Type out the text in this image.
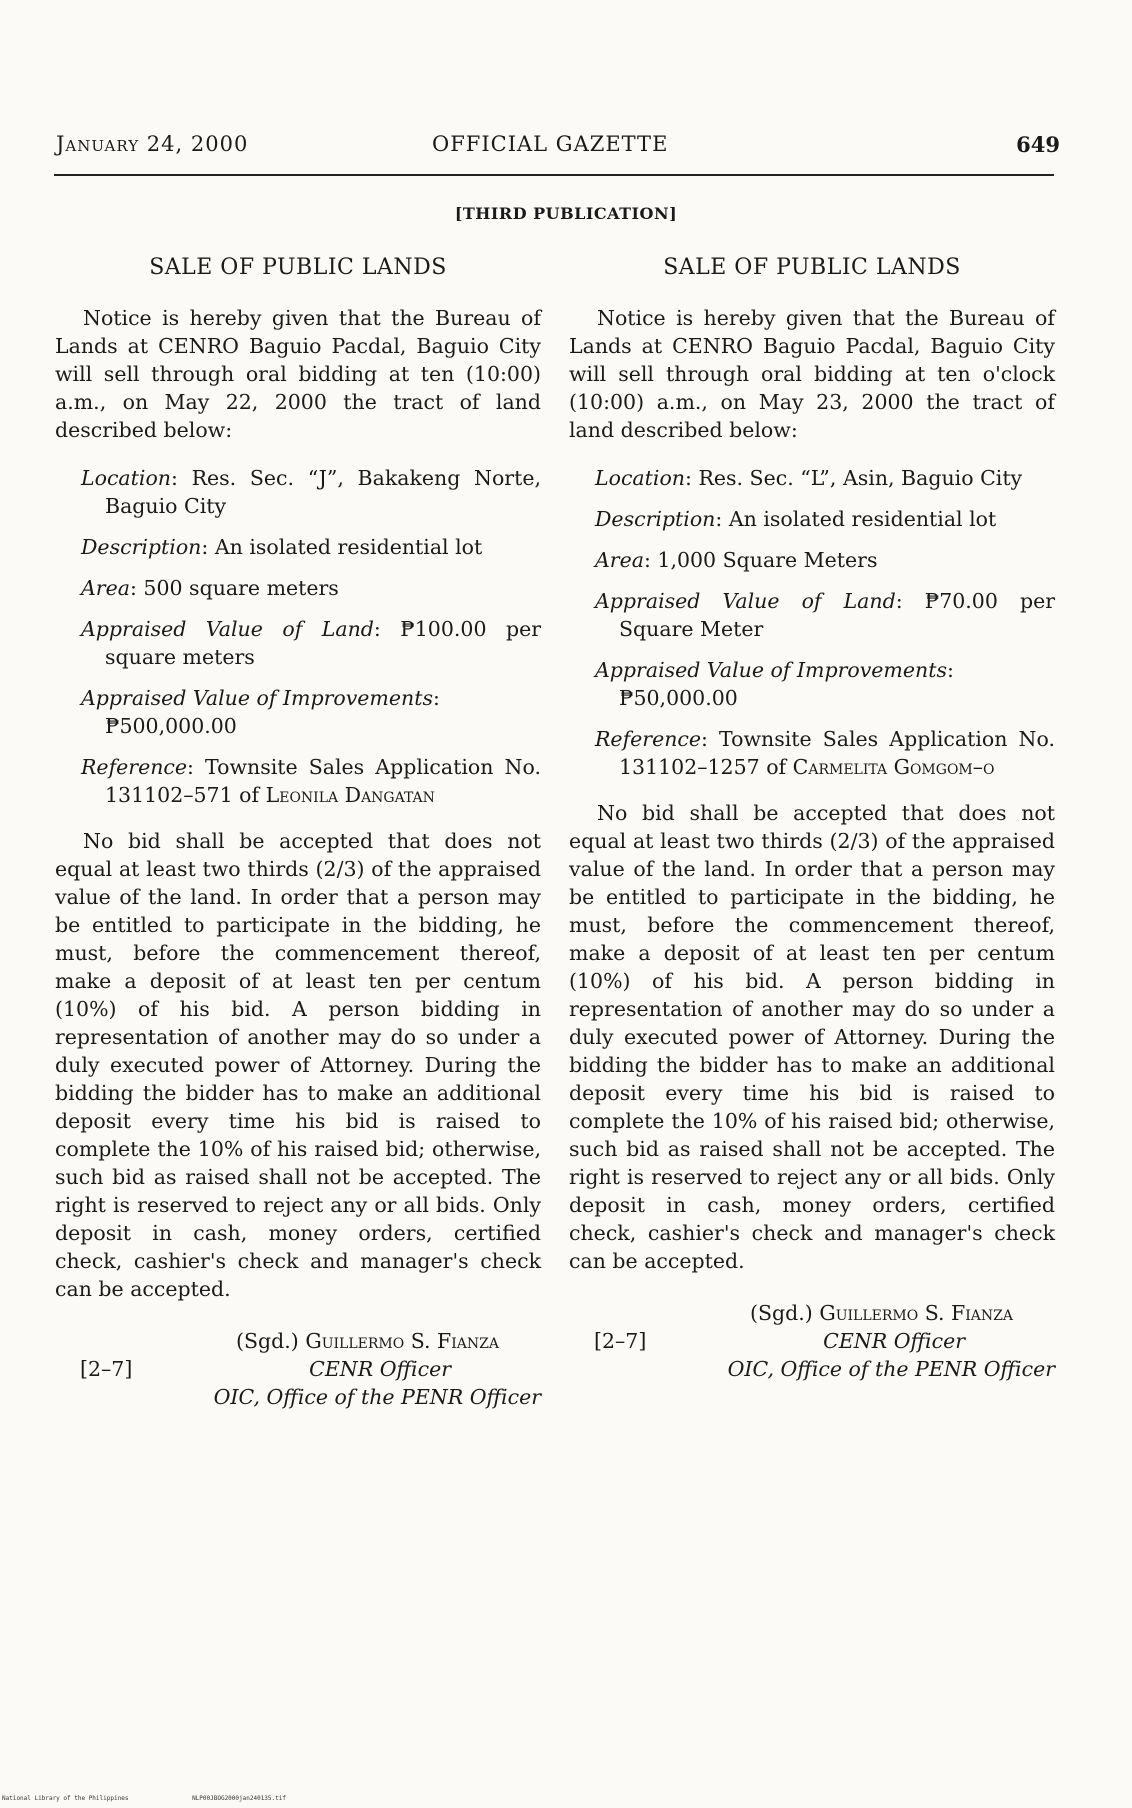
January 24, 2000	OFFICIAL GAZETTE	649
[THIRD PUBLICATION]
SALE OF PUBLIC LANDS

Notice is hereby given that the Bureau of Lands at CENRO Baguio Pacdal, Baguio City will sell through oral bidding at ten (10:00) a.m., on May 22, 2000 the tract of land described below:

Location: Res. Sec. “J”, Bakakeng Norte, Baguio City
Description: An isolated residential lot
Area: 500 square meters
Appraised Value of Land: ₱100.00 per square meters
Appraised Value of Improvements:
₱500,000.00
Reference: Townsite Sales Application No. 131102–571 of Leonila Dangatan

No bid shall be accepted that does not equal at least two thirds (2/3) of the appraised value of the land. In order that a person may be entitled to participate in the bidding, he must, before the commencement thereof, make a deposit of at least ten per centum (10%) of his bid. A person bidding in representation of another may do so under a duly executed power of Attorney. During the bidding the bidder has to make an additional deposit every time his bid is raised to complete the 10% of his raised bid; otherwise, such bid as raised shall not be accepted. The right is reserved to reject any or all bids. Only deposit in cash, money orders, certified check, cashier's check and manager's check can be accepted.

[2–7]
(Sgd.) Guillermo S. Fianza
CENR Officer
OIC, Office of the PENR Officer
SALE OF PUBLIC LANDS

Notice is hereby given that the Bureau of Lands at CENRO Baguio Pacdal, Baguio City will sell through oral bidding at ten o'clock (10:00) a.m., on May 23, 2000 the tract of land described below:

Location: Res. Sec. “L”, Asin, Baguio City
Description: An isolated residential lot
Area: 1,000 Square Meters
Appraised Value of Land: ₱70.00 per Square Meter
Appraised Value of Improvements:
₱50,000.00
Reference: Townsite Sales Application No. 131102–1257 of Carmelita Gomgom–o

No bid shall be accepted that does not equal at least two thirds (2/3) of the appraised value of the land. In order that a person may be entitled to participate in the bidding, he must, before the commencement thereof, make a deposit of at least ten per centum (10%) of his bid. A person bidding in representation of another may do so under a duly executed power of Attorney. During the bidding the bidder has to make an additional deposit every time his bid is raised to complete the 10% of his raised bid; otherwise, such bid as raised shall not be accepted. The right is reserved to reject any or all bids. Only deposit in cash, money orders, certified check, cashier's check and manager's check can be accepted.

[2–7]
(Sgd.) Guillermo S. Fianza
CENR Officer
OIC, Office of the PENR Officer
National Library of the Philippines	NLP00JBOG2000jan240135.tif
